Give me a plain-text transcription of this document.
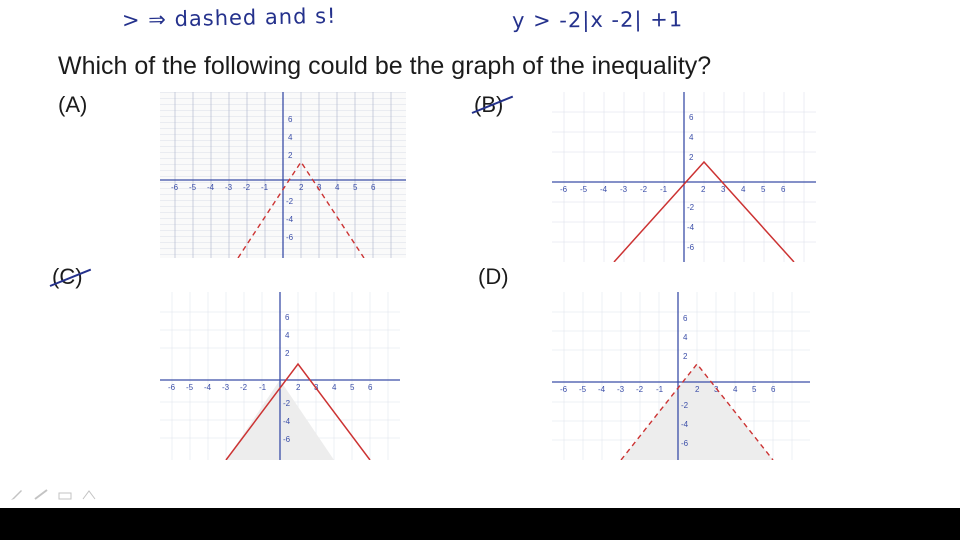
> ⇒ dashed and s!	y > -2|x -2| +1
Which of the following could be the graph of the inequality?
(A)	(B)
(C)	(D)
-6 -5 -4 -3 -2 -1	2 3 4 5 6
6
4
2
-2
-4
-6
-6 -5 -4 -3 -2 -1	2 3 4 5 6
6
4
2
-2
-4
-6
-6 -5 -4 -3 -2 -1	2 3 4 5 6
6
4
2
-2
-4
-6
-6 -5 -4 -3 -2 -1	2 3 4 5 6
6
4
2
-2
-4
-6
